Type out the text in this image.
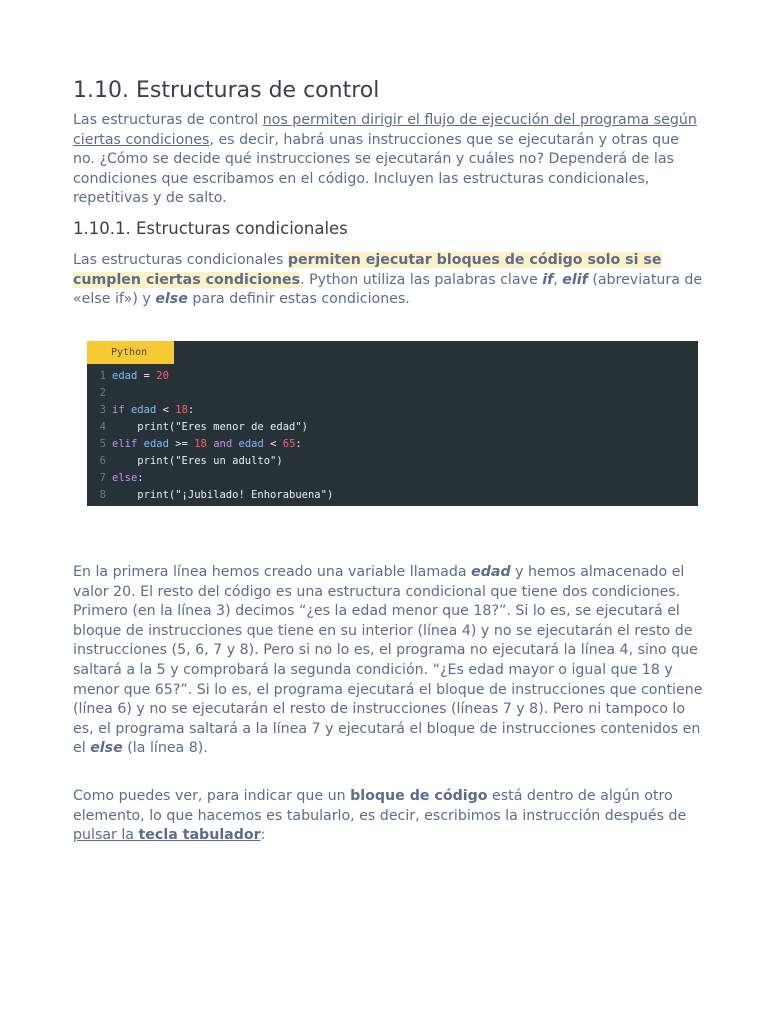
1.10. Estructuras de control

Las estructuras de control nos permiten dirigir el flujo de ejecución del programa según ciertas condiciones, es decir, habrá unas instrucciones que se ejecutarán y otras que no. ¿Cómo se decide qué instrucciones se ejecutarán y cuáles no? Dependerá de las condiciones que escribamos en el código. Incluyen las estructuras condicionales, repetitivas y de salto.

1.10.1. Estructuras condicionales

Las estructuras condicionales permiten ejecutar bloques de código solo si se cumplen ciertas condiciones. Python utiliza las palabras clave if, elif (abreviatura de «else if») y else para definir estas condiciones.

Python
1 edad = 20
2
3 if edad < 18:
4	print("Eres menor de edad")
5 elif edad >= 18 and edad < 65:
6	print("Eres un adulto")
7 else:
8	print("¡Jubilado! Enhorabuena")

En la primera línea hemos creado una variable llamada edad y hemos almacenado el valor 20. El resto del código es una estructura condicional que tiene dos condiciones. Primero (en la línea 3) decimos “¿es la edad menor que 18?”. Si lo es, se ejecutará el bloque de instrucciones que tiene en su interior (línea 4) y no se ejecutarán el resto de instrucciones (5, 6, 7 y 8). Pero si no lo es, el programa no ejecutará la línea 4, sino que saltará a la 5 y comprobará la segunda condición. “¿Es edad mayor o igual que 18 y menor que 65?”. Si lo es, el programa ejecutará el bloque de instrucciones que contiene (línea 6) y no se ejecutarán el resto de instrucciones (líneas 7 y 8). Pero ni tampoco lo es, el programa saltará a la línea 7 y ejecutará el bloque de instrucciones contenidos en el else (la línea 8).

Como puedes ver, para indicar que un bloque de código está dentro de algún otro elemento, lo que hacemos es tabularlo, es decir, escribimos la instrucción después de pulsar la tecla tabulador:
